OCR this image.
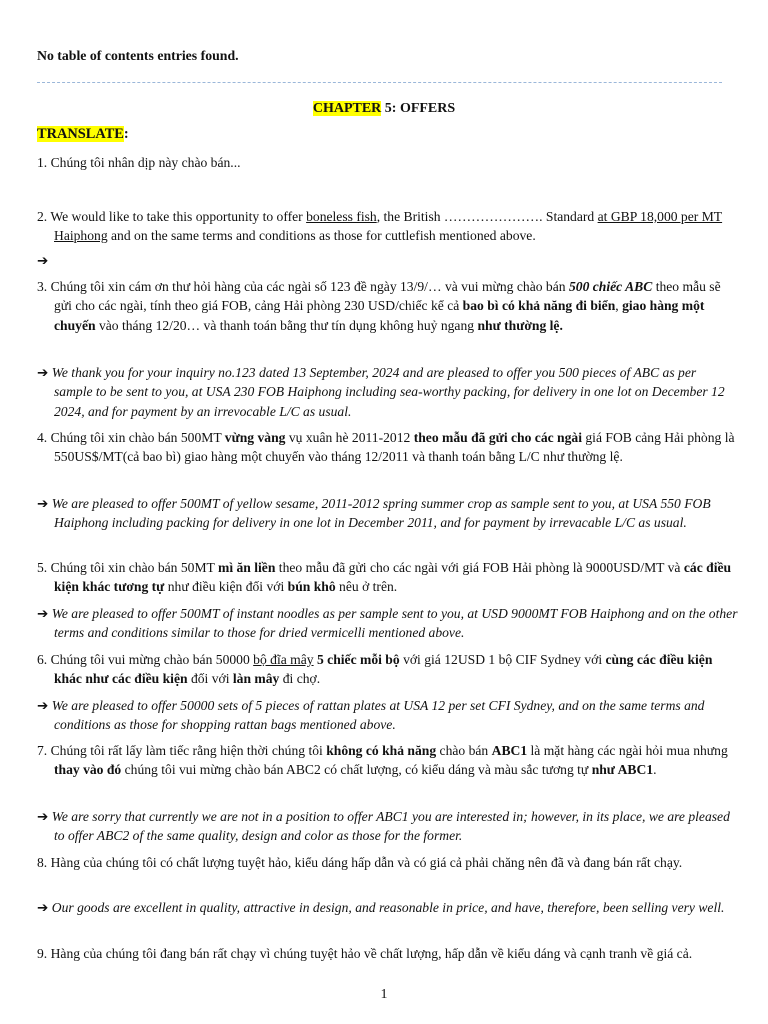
No table of contents entries found.
CHAPTER 5: OFFERS
TRANSLATE:
1. Chúng tôi nhân dịp này chào bán...
2. We would like to take this opportunity to offer boneless fish, the British …………………. Standard at GBP 18,000 per MT Haiphong and on the same terms and conditions as those for cuttlefish mentioned above.
➔
3. Chúng tôi xin cám ơn thư hỏi hàng của các ngài số 123 đề ngày 13/9/… và vui mừng chào bán 500 chiếc ABC theo mẫu sẽ gửi cho các ngài, tính theo giá FOB, cảng Hải phòng 230 USD/chiếc kể cả bao bì có khả năng đi biển, giao hàng một chuyến vào tháng 12/20… và thanh toán bằng thư tín dụng không huỷ ngang như thường lệ.
➔ We thank you for your inquiry no.123 dated 13 September, 2024 and are pleased to offer you 500 pieces of ABC as per sample to be sent to you, at USA 230 FOB Haiphong including sea-worthy packing, for delivery in one lot on December 12 2024, and for payment by an irrevocable L/C as usual.
4. Chúng tôi xin chào bán 500MT vừng vàng vụ xuân hè 2011-2012 theo mẫu đã gửi cho các ngài giá FOB cảng Hải phòng là 550US$/MT(cả bao bì) giao hàng một chuyến vào tháng 12/2011 và thanh toán bằng L/C như thường lệ.
➔ We are pleased to offer 500MT of yellow sesame, 2011-2012 spring summer crop as sample sent to you, at USA 550 FOB Haiphong including packing for delivery in one lot in December 2011, and for payment by irrevacable L/C as usual.
5. Chúng tôi xin chào bán 50MT mì ăn liền theo mẫu đã gửi cho các ngài với giá FOB Hải phòng là 9000USD/MT và các điều kiện khác tương tự như điều kiện đối với bún khô nêu ở trên.
➔ We are pleased to offer 500MT of instant noodles as per sample sent to you, at USD 9000MT FOB Haiphong and on the other terms and conditions similar to those for dried vermicelli mentioned above.
6. Chúng tôi vui mừng chào bán 50000 bộ đĩa mây 5 chiếc mỗi bộ với giá 12USD 1 bộ CIF Sydney với cùng các điều kiện khác như các điều kiện đối với làn mây đi chợ.
➔ We are pleased to offer 50000 sets of 5 pieces of rattan plates at USA 12 per set CFI Sydney, and on the same terms and conditions as those for shopping rattan bags mentioned above.
7. Chúng tôi rất lấy làm tiếc rằng hiện thời chúng tôi không có khả năng chào bán ABC1 là mặt hàng các ngài hỏi mua nhưng thay vào đó chúng tôi vui mừng chào bán ABC2 có chất lượng, có kiểu dáng và màu sắc tương tự như ABC1.
➔ We are sorry that currently we are not in a position to offer ABC1 you are interested in; however, in its place, we are pleased to offer ABC2 of the same quality, design and color as those for the former.
8. Hàng của chúng tôi có chất lượng tuyệt hảo, kiểu dáng hấp dẫn và có giá cả phải chăng nên đã và đang bán rất chạy.
➔ Our goods are excellent in quality, attractive in design, and reasonable in price, and have, therefore, been selling very well.
9. Hàng của chúng tôi đang bán rất chạy vì chúng tuyệt hảo về chất lượng, hấp dẫn về kiểu dáng và cạnh tranh về giá cả.
1
